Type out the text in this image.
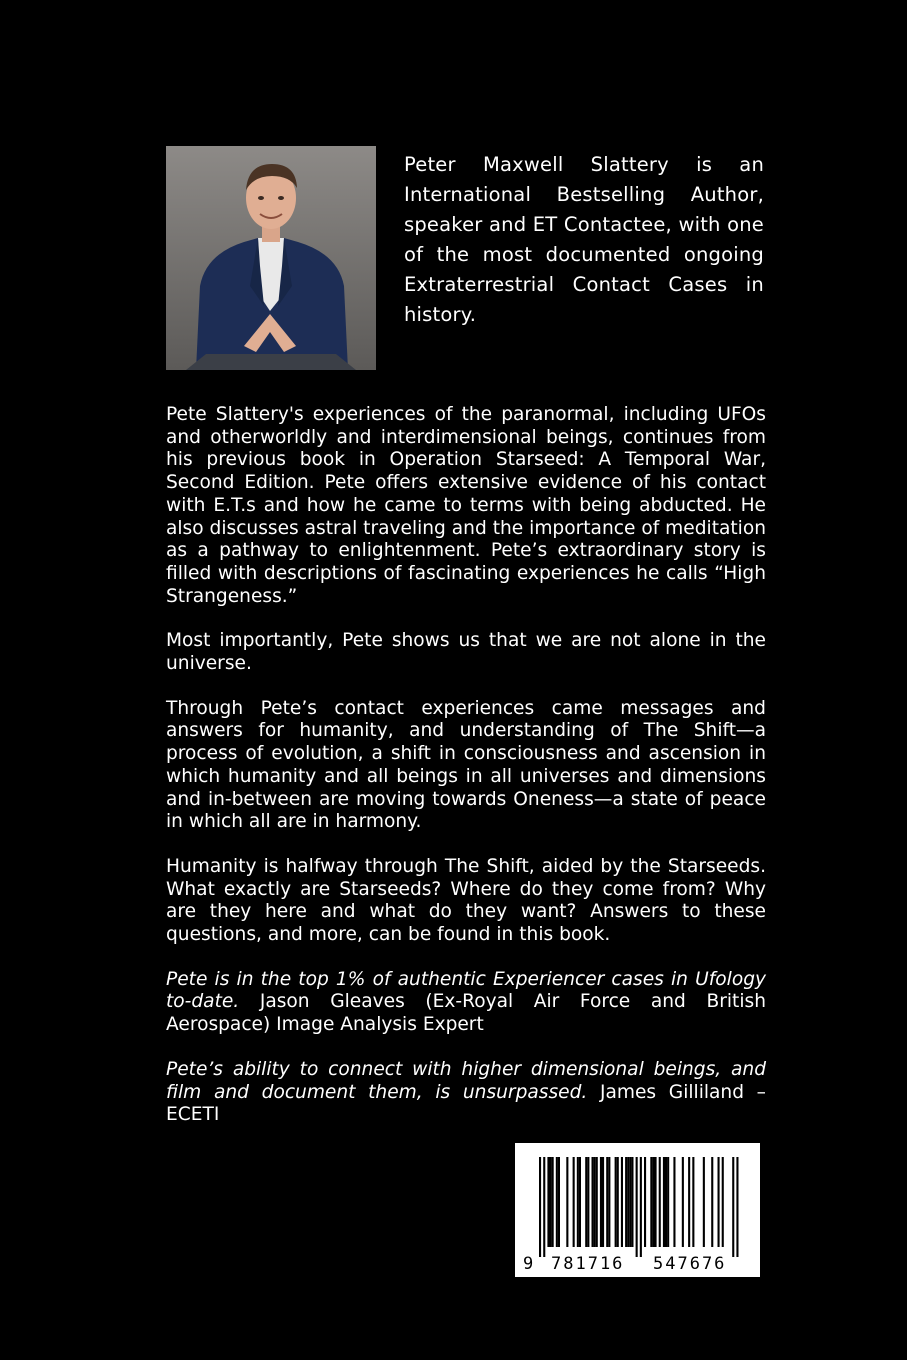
Peter Maxwell Slattery is an International Bestselling Author, speaker and ET Contactee, with one of the most documented ongoing Extraterrestrial Contact Cases in history.

Pete Slattery's experiences of the paranormal, including UFOs and otherworldly and interdimensional beings, continues from his previous book in Operation Starseed: A Temporal War, Second Edition. Pete offers extensive evidence of his contact with E.T.s and how he came to terms with being abducted. He also discusses astral traveling and the importance of meditation as a pathway to enlightenment. Pete’s extraordinary story is filled with descriptions of fascinating experiences he calls “High Strangeness.”

Most importantly, Pete shows us that we are not alone in the universe.

Through Pete’s contact experiences came messages and answers for humanity, and understanding of The Shift—a process of evolution, a shift in consciousness and ascension in which humanity and all beings in all universes and dimensions and in-between are moving towards Oneness—a state of peace in which all are in harmony.

Humanity is halfway through The Shift, aided by the Starseeds. What exactly are Starseeds? Where do they come from? Why are they here and what do they want? Answers to these questions, and more, can be found in this book.

Pete is in the top 1% of authentic Experiencer cases in Ufology to-date. Jason Gleaves (Ex-Royal Air Force and British Aerospace) Image Analysis Expert

Pete’s ability to connect with higher dimensional beings, and film and document them, is unsurpassed. James Gilliland – ECETI

9 781716 547676
